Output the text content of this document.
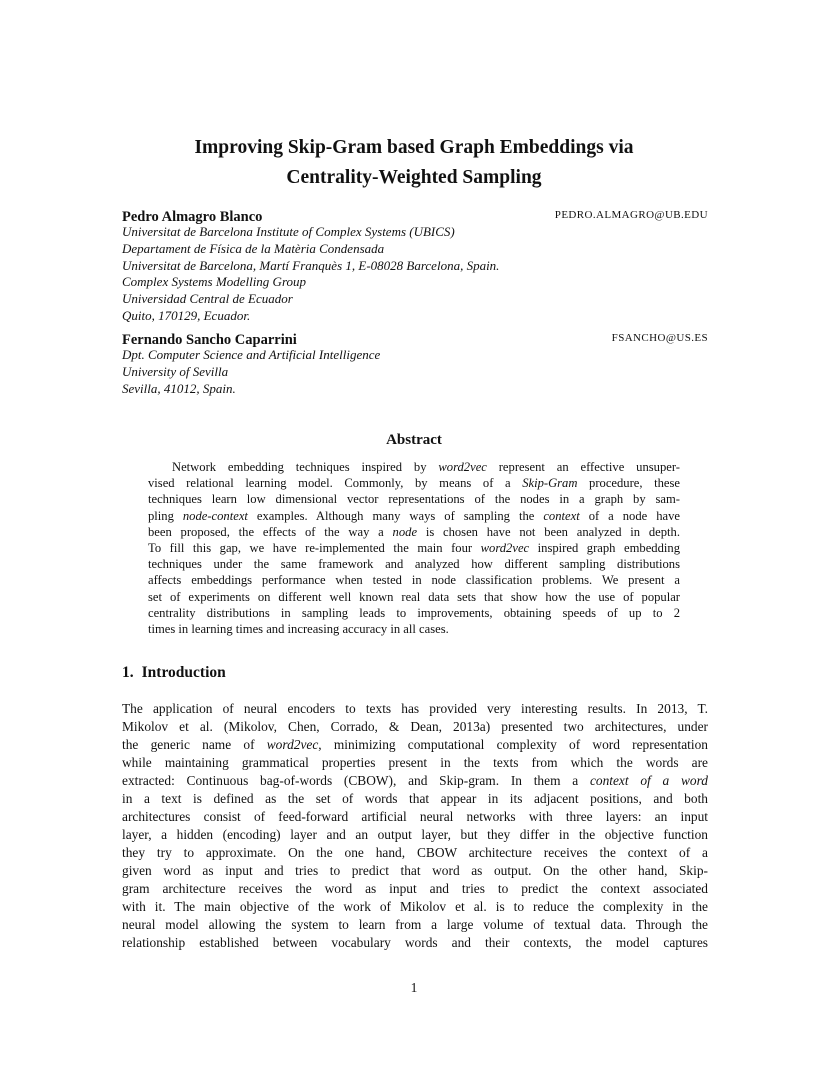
Improving Skip-Gram based Graph Embeddings via
Centrality-Weighted Sampling
Pedro Almagro Blanco	PEDRO.ALMAGRO@UB.EDU
Universitat de Barcelona Institute of Complex Systems (UBICS)
Departament de Física de la Matèria Condensada
Universitat de Barcelona, Martí Franquès 1, E-08028 Barcelona, Spain.
Complex Systems Modelling Group
Universidad Central de Ecuador
Quito, 170129, Ecuador.
Fernando Sancho Caparrini	FSANCHO@US.ES
Dpt. Computer Science and Artificial Intelligence
University of Sevilla
Sevilla, 41012, Spain.
Abstract
Network embedding techniques inspired by word2vec represent an effective unsuper-
vised relational learning model. Commonly, by means of a Skip-Gram procedure, these
techniques learn low dimensional vector representations of the nodes in a graph by sam-
pling node-context examples. Although many ways of sampling the context of a node have
been proposed, the effects of the way a node is chosen have not been analyzed in depth.
To fill this gap, we have re-implemented the main four word2vec inspired graph embedding
techniques under the same framework and analyzed how different sampling distributions
affects embeddings performance when tested in node classification problems. We present a
set of experiments on different well known real data sets that show how the use of popular
centrality distributions in sampling leads to improvements, obtaining speeds of up to 2
times in learning times and increasing accuracy in all cases.
1. Introduction
The application of neural encoders to texts has provided very interesting results. In 2013, T.
Mikolov et al. (Mikolov, Chen, Corrado, & Dean, 2013a) presented two architectures, under
the generic name of word2vec, minimizing computational complexity of word representation
while maintaining grammatical properties present in the texts from which the words are
extracted: Continuous bag-of-words (CBOW), and Skip-gram. In them a context of a word
in a text is defined as the set of words that appear in its adjacent positions, and both
architectures consist of feed-forward artificial neural networks with three layers: an input
layer, a hidden (encoding) layer and an output layer, but they differ in the objective function
they try to approximate. On the one hand, CBOW architecture receives the context of a
given word as input and tries to predict that word as output. On the other hand, Skip-
gram architecture receives the word as input and tries to predict the context associated
with it. The main objective of the work of Mikolov et al. is to reduce the complexity in the
neural model allowing the system to learn from a large volume of textual data. Through the
relationship established between vocabulary words and their contexts, the model captures
1
